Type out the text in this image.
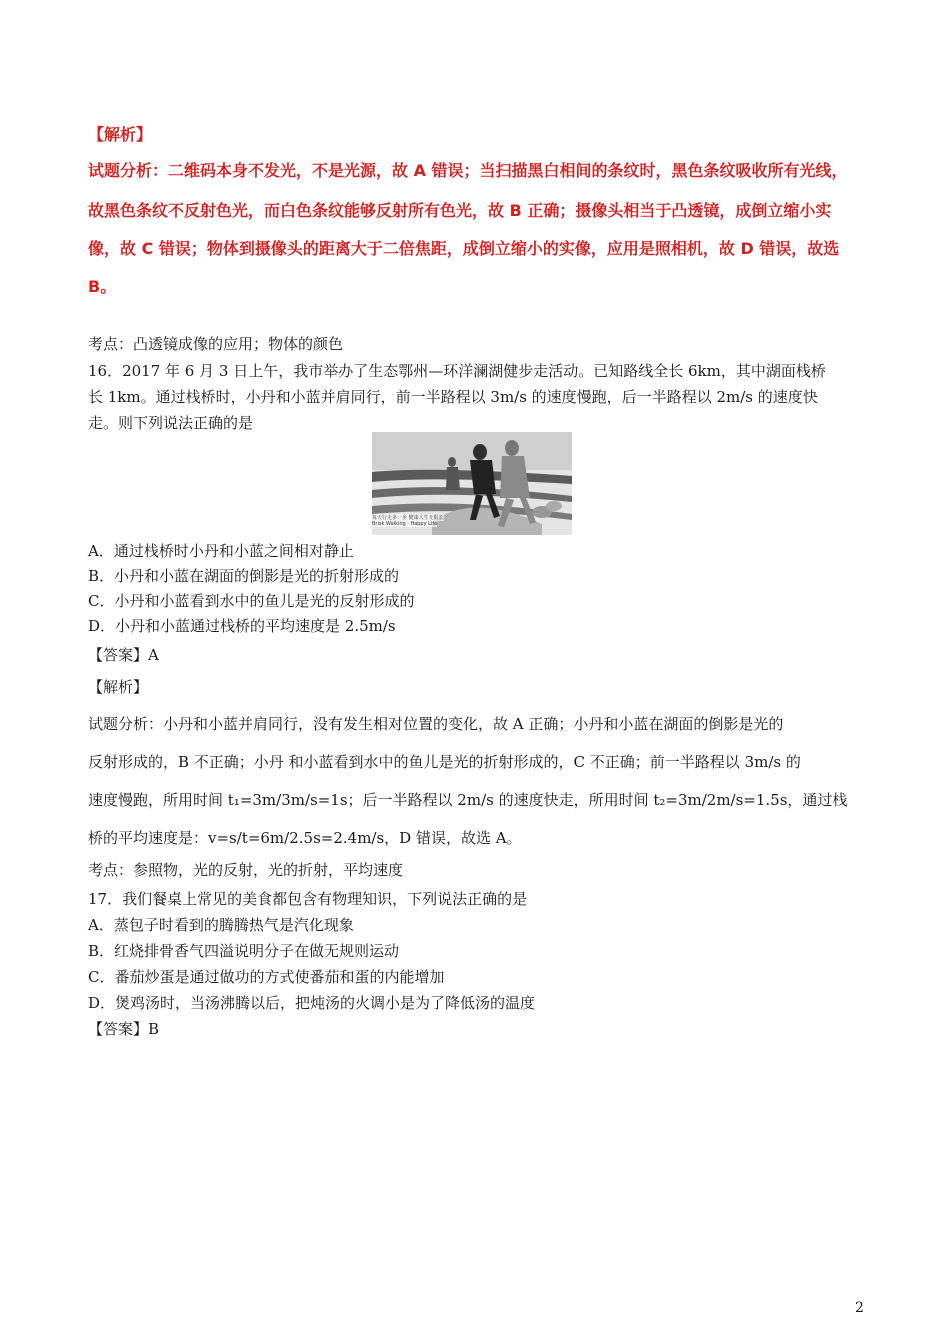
【解析】
试题分析：二维码本身不发光，不是光源，故 A 错误；当扫描黑白相间的条纹时，黑色条纹吸收所有光线，
故黑色条纹不反射色光，而白色条纹能够反射所有色光，故 B 正确；摄像头相当于凸透镜，成倒立缩小实
像，故 C 错误；物体到摄像头的距离大于二倍焦距，成倒立缩小的实像，应用是照相机，故 D 错误，故选
B。
考点：凸透镜成像的应用；物体的颜色
16．2017 年 6 月 3 日上午，我市举办了生态鄂州—环洋澜湖健步走活动。已知路线全长 6km，其中湖面栈桥
长 1km。通过栈桥时，小丹和小蓝并肩同行，前一半路程以 3m/s 的速度慢跑，后一半路程以 2m/s 的速度快
走。则下列说法正确的是
每天行走多一步 健康人生无限长
Brisk Walking · Happy Life
A．通过栈桥时小丹和小蓝之间相对静止
B．小丹和小蓝在湖面的倒影是光的折射形成的
C．小丹和小蓝看到水中的鱼儿是光的反射形成的
D．小丹和小蓝通过栈桥的平均速度是 2.5m/s
【答案】A
【解析】
试题分析：小丹和小蓝并肩同行，没有发生相对位置的变化，故 A 正确；小丹和小蓝在湖面的倒影是光的
反射形成的，B 不正确；小丹 和小蓝看到水中的鱼儿是光的折射形成的，C 不正确；前一半路程以 3m/s 的
速度慢跑，所用时间 t₁=3m/3m/s=1s；后一半路程以 2m/s 的速度快走，所用时间 t₂=3m/2m/s=1.5s，通过栈
桥的平均速度是：v=s/t=6m/2.5s=2.4m/s，D 错误，故选 A。
考点：参照物，光的反射，光的折射，平均速度
17．我们餐桌上常见的美食都包含有物理知识，下列说法正确的是
A．蒸包子时看到的腾腾热气是汽化现象
B．红烧排骨香气四溢说明分子在做无规则运动
C．番茄炒蛋是通过做功的方式使番茄和蛋的内能增加
D．煲鸡汤时，当汤沸腾以后，把炖汤的火调小是为了降低汤的温度
【答案】B
2
